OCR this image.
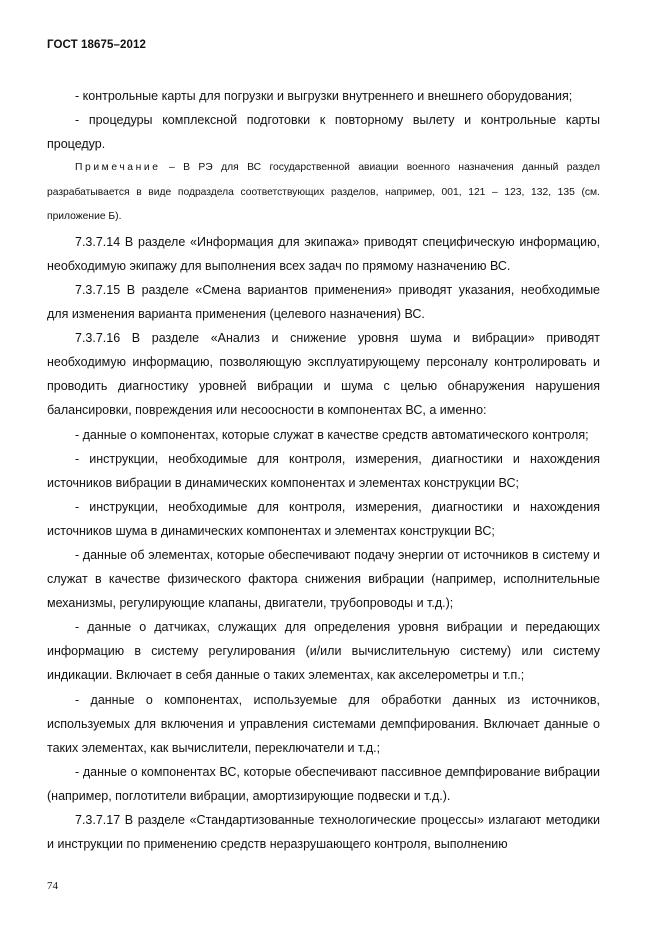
ГОСТ 18675–2012

- контрольные карты для погрузки и выгрузки внутреннего и внешнего оборудования;

- процедуры комплексной подготовки к повторному вылету и контрольные карты процедур.

Примечание – В РЭ для ВС государственной авиации военного назначения данный раздел разрабатывается в виде подраздела соответствующих разделов, например, 001, 121 – 123, 132, 135 (см. приложение Б).

7.3.7.14 В разделе «Информация для экипажа» приводят специфическую информацию, необходимую экипажу для выполнения всех задач по прямому назначению ВС.

7.3.7.15 В разделе «Смена вариантов применения» приводят указания, необходимые для изменения варианта применения (целевого назначения) ВС.

7.3.7.16 В разделе «Анализ и снижение уровня шума и вибрации» приводят необходимую информацию, позволяющую эксплуатирующему персоналу контролировать и проводить диагностику уровней вибрации и шума с целью обнаружения нарушения балансировки, повреждения или несоосности в компонентах ВС, а именно:

- данные о компонентах, которые служат в качестве средств автоматического контроля;

- инструкции, необходимые для контроля, измерения, диагностики и нахождения источников вибрации в динамических компонентах и элементах конструкции ВС;

- инструкции, необходимые для контроля, измерения, диагностики и нахождения источников шума в динамических компонентах и элементах конструкции ВС;

- данные об элементах, которые обеспечивают подачу энергии от источников в систему и служат в качестве физического фактора снижения вибрации (например, исполнительные механизмы, регулирующие клапаны, двигатели, трубопроводы и т.д.);

- данные о датчиках, служащих для определения уровня вибрации и передающих информацию в систему регулирования (и/или вычислительную систему) или систему индикации. Включает в себя данные о таких элементах, как акселерометры и т.п.;

- данные о компонентах, используемые для обработки данных из источников, используемых для включения и управления системами демпфирования. Включает данные о таких элементах, как вычислители, переключатели и т.д.;

- данные о компонентах ВС, которые обеспечивают пассивное демпфирование вибрации (например, поглотители вибрации, амортизирующие подвески и т.д.).

7.3.7.17 В разделе «Стандартизованные технологические процессы» излагают методики и инструкции по применению средств неразрушающего контроля, выполнению

74
